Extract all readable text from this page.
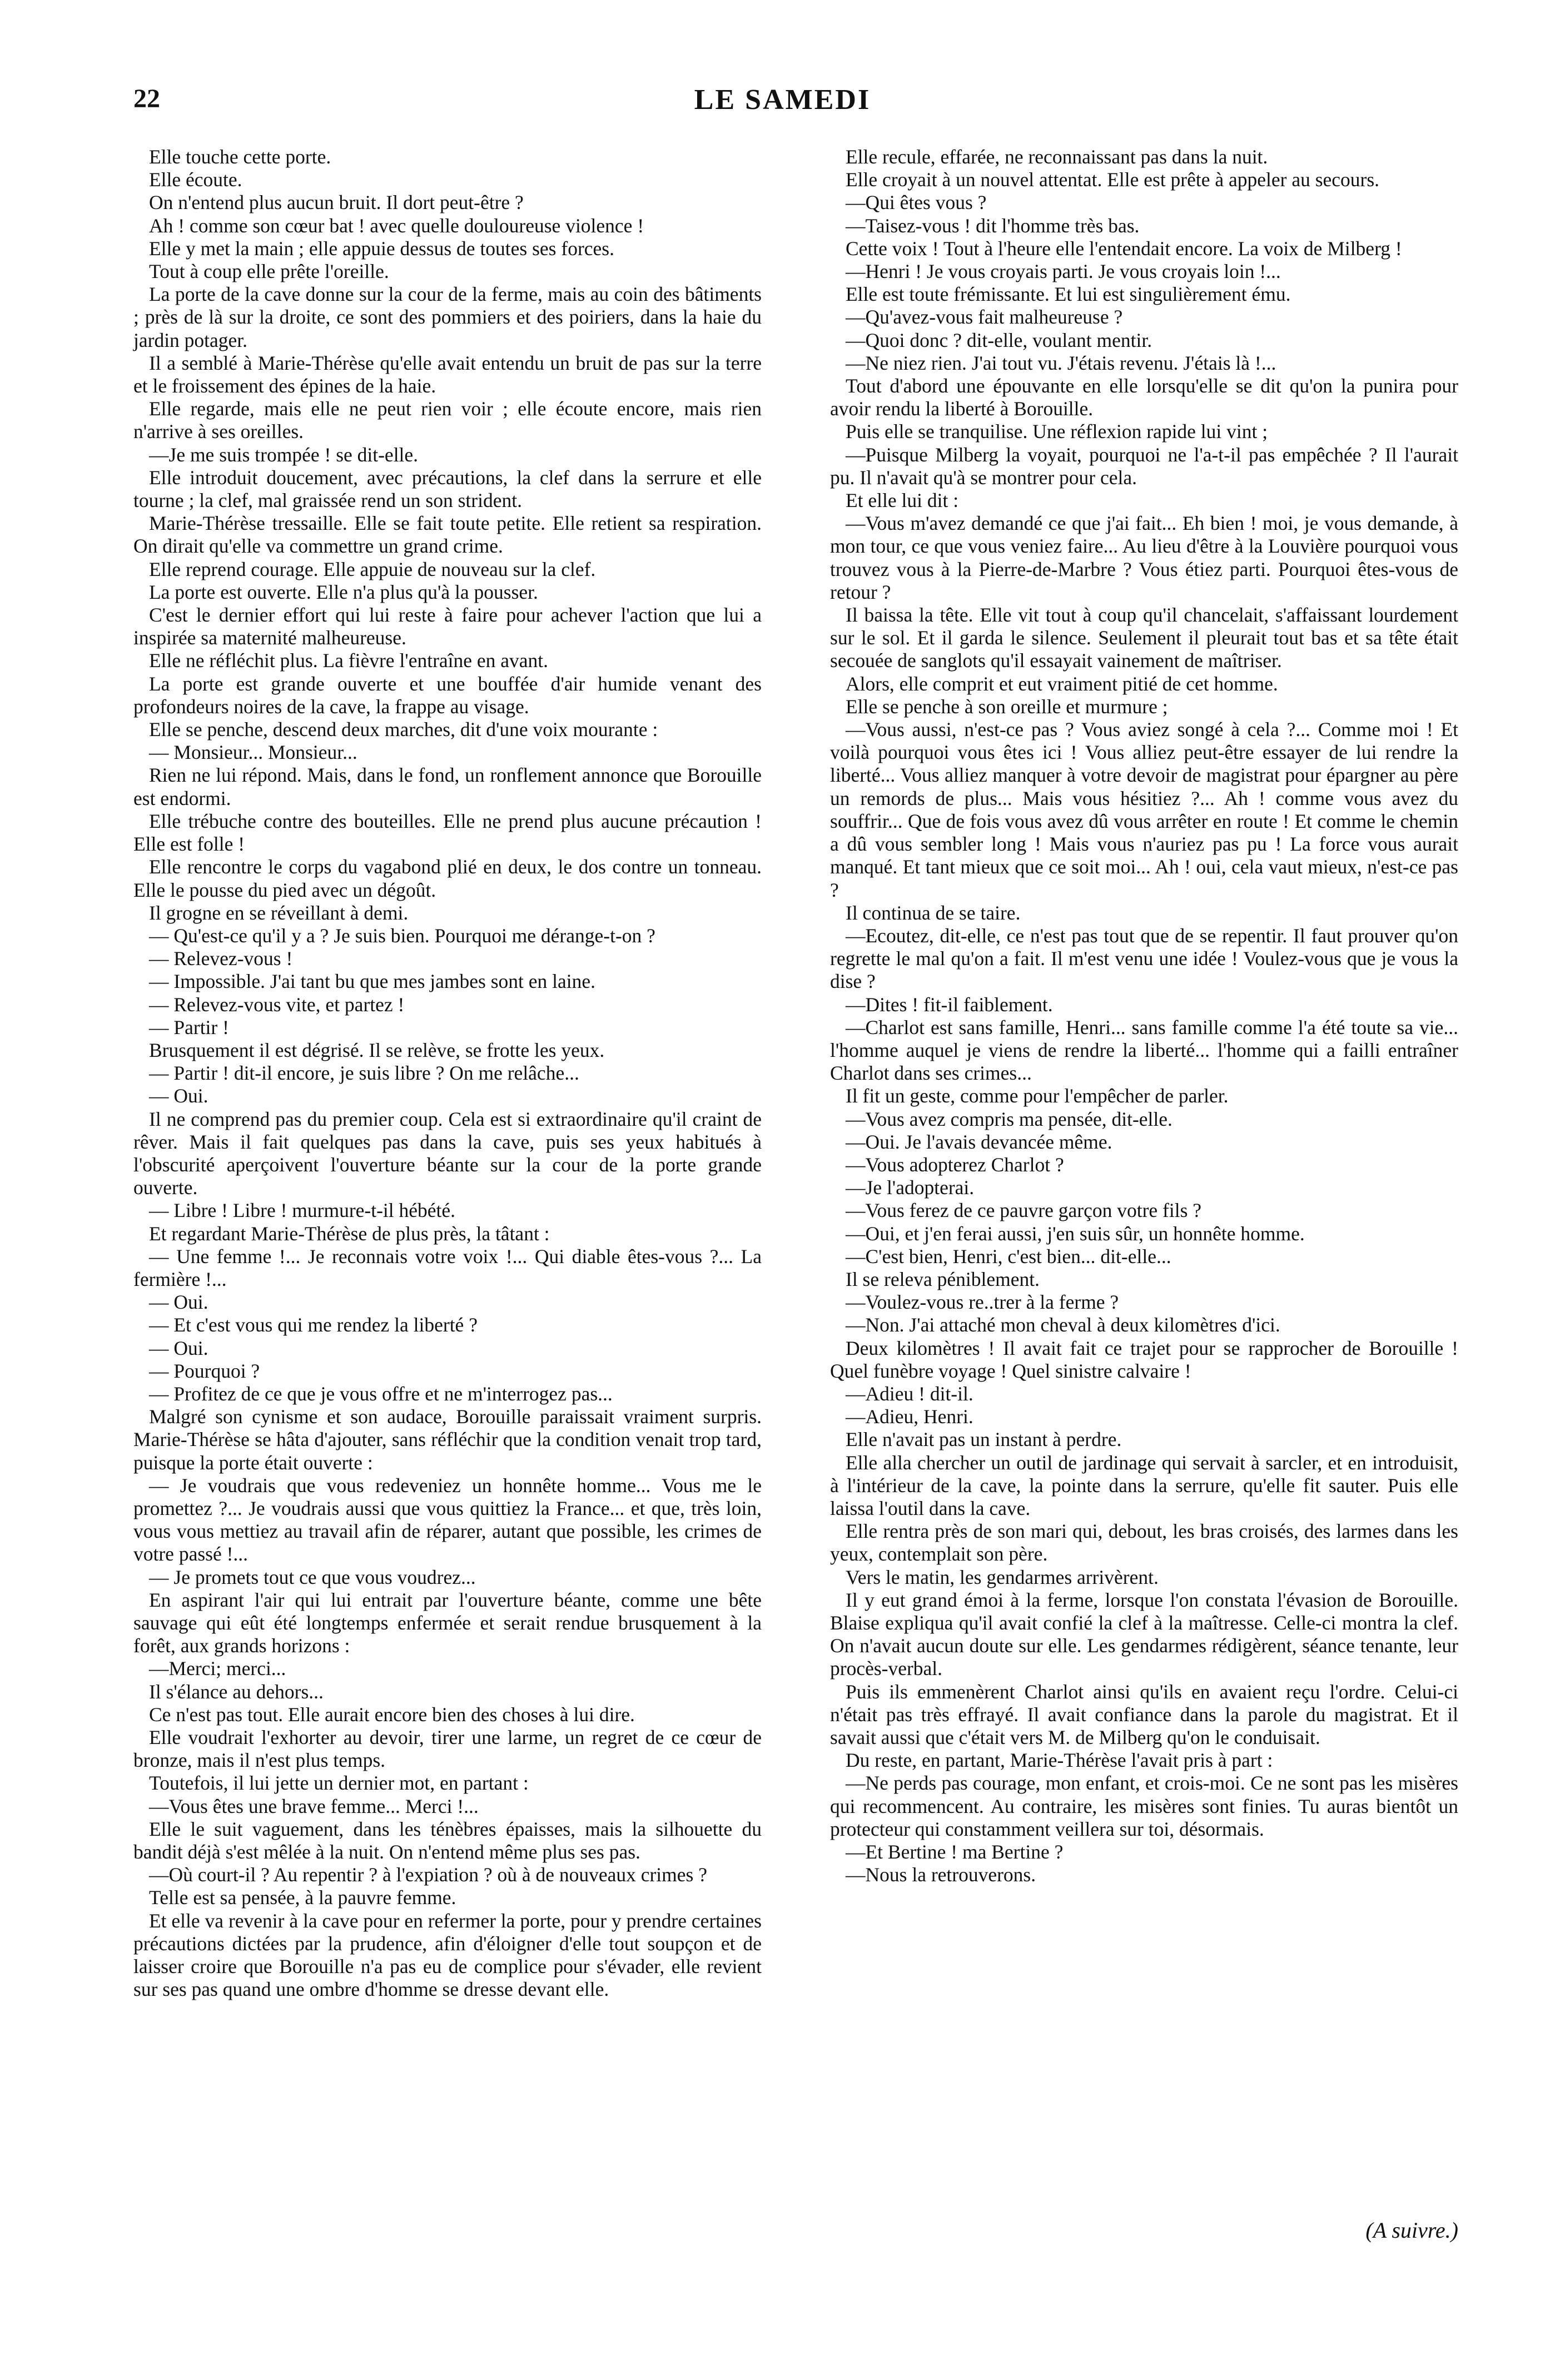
22	LE SAMEDI

Elle touche cette porte.

Elle écoute.

On n'entend plus aucun bruit. Il dort peut-être ?

Ah ! comme son cœur bat ! avec quelle douloureuse violence !

Elle y met la main ; elle appuie dessus de toutes ses forces.

Tout à coup elle prête l'oreille.

La porte de la cave donne sur la cour de la ferme, mais au coin des bâtiments ; près de là sur la droite, ce sont des pommiers et des poiriers, dans la haie du jardin potager.

Il a semblé à Marie-Thérèse qu'elle avait entendu un bruit de pas sur la terre et le froissement des épines de la haie.

Elle regarde, mais elle ne peut rien voir ; elle écoute encore, mais rien n'arrive à ses oreilles.

—Je me suis trompée ! se dit-elle.

Elle introduit doucement, avec précautions, la clef dans la serrure et elle tourne ; la clef, mal graissée rend un son strident.

Marie-Thérèse tressaille. Elle se fait toute petite. Elle retient sa respiration. On dirait qu'elle va commettre un grand crime.

Elle reprend courage. Elle appuie de nouveau sur la clef.

La porte est ouverte. Elle n'a plus qu'à la pousser.

C'est le dernier effort qui lui reste à faire pour achever l'action que lui a inspirée sa maternité malheureuse.

Elle ne réfléchit plus. La fièvre l'entraîne en avant.

La porte est grande ouverte et une bouffée d'air humide venant des profondeurs noires de la cave, la frappe au visage.

Elle se penche, descend deux marches, dit d'une voix mourante :

— Monsieur... Monsieur...

Rien ne lui répond. Mais, dans le fond, un ronflement annonce que Borouille est endormi.

Elle trébuche contre des bouteilles. Elle ne prend plus aucune précaution ! Elle est folle !

Elle rencontre le corps du vagabond plié en deux, le dos contre un tonneau. Elle le pousse du pied avec un dégoût.

Il grogne en se réveillant à demi.

— Qu'est-ce qu'il y a ? Je suis bien. Pourquoi me dérange-t-on ?

— Relevez-vous !

— Impossible. J'ai tant bu que mes jambes sont en laine.

— Relevez-vous vite, et partez !

— Partir !

Brusquement il est dégrisé. Il se relève, se frotte les yeux.

— Partir ! dit-il encore, je suis libre ? On me relâche...

— Oui.

Il ne comprend pas du premier coup. Cela est si extraordinaire qu'il craint de rêver. Mais il fait quelques pas dans la cave, puis ses yeux habitués à l'obscurité aperçoivent l'ouverture béante sur la cour de la porte grande ouverte.

— Libre ! Libre ! murmure-t-il hébété.

Et regardant Marie-Thérèse de plus près, la tâtant :

— Une femme !... Je reconnais votre voix !... Qui diable êtes-vous ?... La fermière !...

— Oui.

— Et c'est vous qui me rendez la liberté ?

— Oui.

— Pourquoi ?

— Profitez de ce que je vous offre et ne m'interrogez pas...

Malgré son cynisme et son audace, Borouille paraissait vraiment surpris. Marie-Thérèse se hâta d'ajouter, sans réfléchir que la condition venait trop tard, puisque la porte était ouverte :

— Je voudrais que vous redeveniez un honnête homme... Vous me le promettez ?... Je voudrais aussi que vous quittiez la France... et que, très loin, vous vous mettiez au travail afin de réparer, autant que possible, les crimes de votre passé !...

— Je promets tout ce que vous voudrez...

En aspirant l'air qui lui entrait par l'ouverture béante, comme une bête sauvage qui eût été longtemps enfermée et serait rendue brusquement à la forêt, aux grands horizons :

—Merci; merci...

Il s'élance au dehors...

Ce n'est pas tout. Elle aurait encore bien des choses à lui dire.

Elle voudrait l'exhorter au devoir, tirer une larme, un regret de ce cœur de bronze, mais il n'est plus temps.

Toutefois, il lui jette un dernier mot, en partant :

—Vous êtes une brave femme... Merci !...

Elle le suit vaguement, dans les ténèbres épaisses, mais la silhouette du bandit déjà s'est mêlée à la nuit. On n'entend même plus ses pas.

—Où court-il ? Au repentir ? à l'expiation ? où à de nouveaux crimes ?

Telle est sa pensée, à la pauvre femme.

Et elle va revenir à la cave pour en refermer la porte, pour y prendre certaines précautions dictées par la prudence, afin d'éloigner d'elle tout soupçon et de laisser croire que Borouille n'a pas eu de complice pour s'évader, elle revient sur ses pas quand une ombre d'homme se dresse devant elle.

Elle recule, effarée, ne reconnaissant pas dans la nuit.

Elle croyait à un nouvel attentat. Elle est prête à appeler au secours.

—Qui êtes vous ?

—Taisez-vous ! dit l'homme très bas.

Cette voix ! Tout à l'heure elle l'entendait encore. La voix de Milberg !

—Henri ! Je vous croyais parti. Je vous croyais loin !...

Elle est toute frémissante. Et lui est singulièrement ému.

—Qu'avez-vous fait malheureuse ?

—Quoi donc ? dit-elle, voulant mentir.

—Ne niez rien. J'ai tout vu. J'étais revenu. J'étais là !...

Tout d'abord une épouvante en elle lorsqu'elle se dit qu'on la punira pour avoir rendu la liberté à Borouille.

Puis elle se tranquilise. Une réflexion rapide lui vint ;

—Puisque Milberg la voyait, pourquoi ne l'a-t-il pas empêchée ? Il l'aurait pu. Il n'avait qu'à se montrer pour cela.

Et elle lui dit :

—Vous m'avez demandé ce que j'ai fait... Eh bien ! moi, je vous demande, à mon tour, ce que vous veniez faire... Au lieu d'être à la Louvière pourquoi vous trouvez vous à la Pierre-de-Marbre ? Vous étiez parti. Pourquoi êtes-vous de retour ?

Il baissa la tête. Elle vit tout à coup qu'il chancelait, s'affaissant lourdement sur le sol. Et il garda le silence. Seulement il pleurait tout bas et sa tête était secouée de sanglots qu'il essayait vainement de maîtriser.

Alors, elle comprit et eut vraiment pitié de cet homme.

Elle se penche à son oreille et murmure ;

—Vous aussi, n'est-ce pas ? Vous aviez songé à cela ?... Comme moi ! Et voilà pourquoi vous êtes ici ! Vous alliez peut-être essayer de lui rendre la liberté... Vous alliez manquer à votre devoir de magistrat pour épargner au père un remords de plus... Mais vous hésitiez ?... Ah ! comme vous avez du souffrir... Que de fois vous avez dû vous arrêter en route ! Et comme le chemin a dû vous sembler long ! Mais vous n'auriez pas pu ! La force vous aurait manqué. Et tant mieux que ce soit moi... Ah ! oui, cela vaut mieux, n'est-ce pas ?

Il continua de se taire.

—Ecoutez, dit-elle, ce n'est pas tout que de se repentir. Il faut prouver qu'on regrette le mal qu'on a fait. Il m'est venu une idée ! Voulez-vous que je vous la dise ?

—Dites ! fit-il faiblement.

—Charlot est sans famille, Henri... sans famille comme l'a été toute sa vie... l'homme auquel je viens de rendre la liberté... l'homme qui a failli entraîner Charlot dans ses crimes...

Il fit un geste, comme pour l'empêcher de parler.

—Vous avez compris ma pensée, dit-elle.

—Oui. Je l'avais devancée même.

—Vous adopterez Charlot ?

—Je l'adopterai.

—Vous ferez de ce pauvre garçon votre fils ?

—Oui, et j'en ferai aussi, j'en suis sûr, un honnête homme.

—C'est bien, Henri, c'est bien... dit-elle...

Il se releva péniblement.

—Voulez-vous re..trer à la ferme ?

—Non. J'ai attaché mon cheval à deux kilomètres d'ici.

Deux kilomètres ! Il avait fait ce trajet pour se rapprocher de Borouille ! Quel funèbre voyage ! Quel sinistre calvaire !

—Adieu ! dit-il.

—Adieu, Henri.

Elle n'avait pas un instant à perdre.

Elle alla chercher un outil de jardinage qui servait à sarcler, et en introduisit, à l'intérieur de la cave, la pointe dans la serrure, qu'elle fit sauter. Puis elle laissa l'outil dans la cave.

Elle rentra près de son mari qui, debout, les bras croisés, des larmes dans les yeux, contemplait son père.

Vers le matin, les gendarmes arrivèrent.

Il y eut grand émoi à la ferme, lorsque l'on constata l'évasion de Borouille. Blaise expliqua qu'il avait confié la clef à la maîtresse. Celle-ci montra la clef. On n'avait aucun doute sur elle. Les gendarmes rédigèrent, séance tenante, leur procès-verbal.

Puis ils emmenèrent Charlot ainsi qu'ils en avaient reçu l'ordre. Celui-ci n'était pas très effrayé. Il avait confiance dans la parole du magistrat. Et il savait aussi que c'était vers M. de Milberg qu'on le conduisait.

Du reste, en partant, Marie-Thérèse l'avait pris à part :

—Ne perds pas courage, mon enfant, et crois-moi. Ce ne sont pas les misères qui recommencent. Au contraire, les misères sont finies. Tu auras bientôt un protecteur qui constamment veillera sur toi, désormais.

—Et Bertine ! ma Bertine ?

—Nous la retrouverons.

(A suivre.)
